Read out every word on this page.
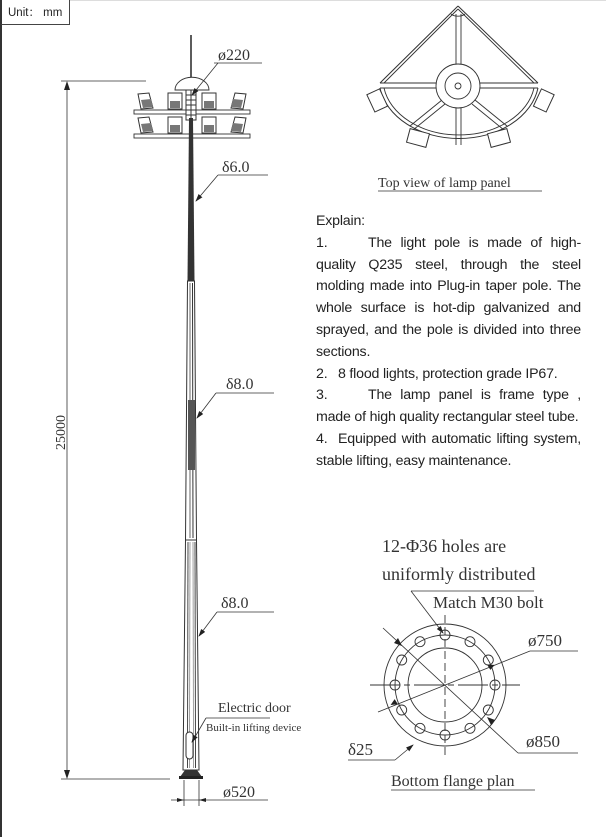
Unit： mm
25000
ø520
ø220
δ6.0
δ8.0
δ8.0
Electric door
Built-in lifting device
Top view of lamp panel
12-Φ36 holes are
uniformly distributed
Match M30 bolt
ø750
ø850
δ25
Bottom flange plan

Explain:

1.	The light pole is made of high-quality Q235 steel, through the steel molding made into Plug-in taper pole. The whole surface is hot-dip galvanized and sprayed, and the pole is divided into three sections.

2. 8 flood lights, protection grade IP67.

3.	The lamp panel is frame type , made of high quality rectangular steel tube.

4. Equipped with automatic lifting system, stable lifting, easy maintenance.
